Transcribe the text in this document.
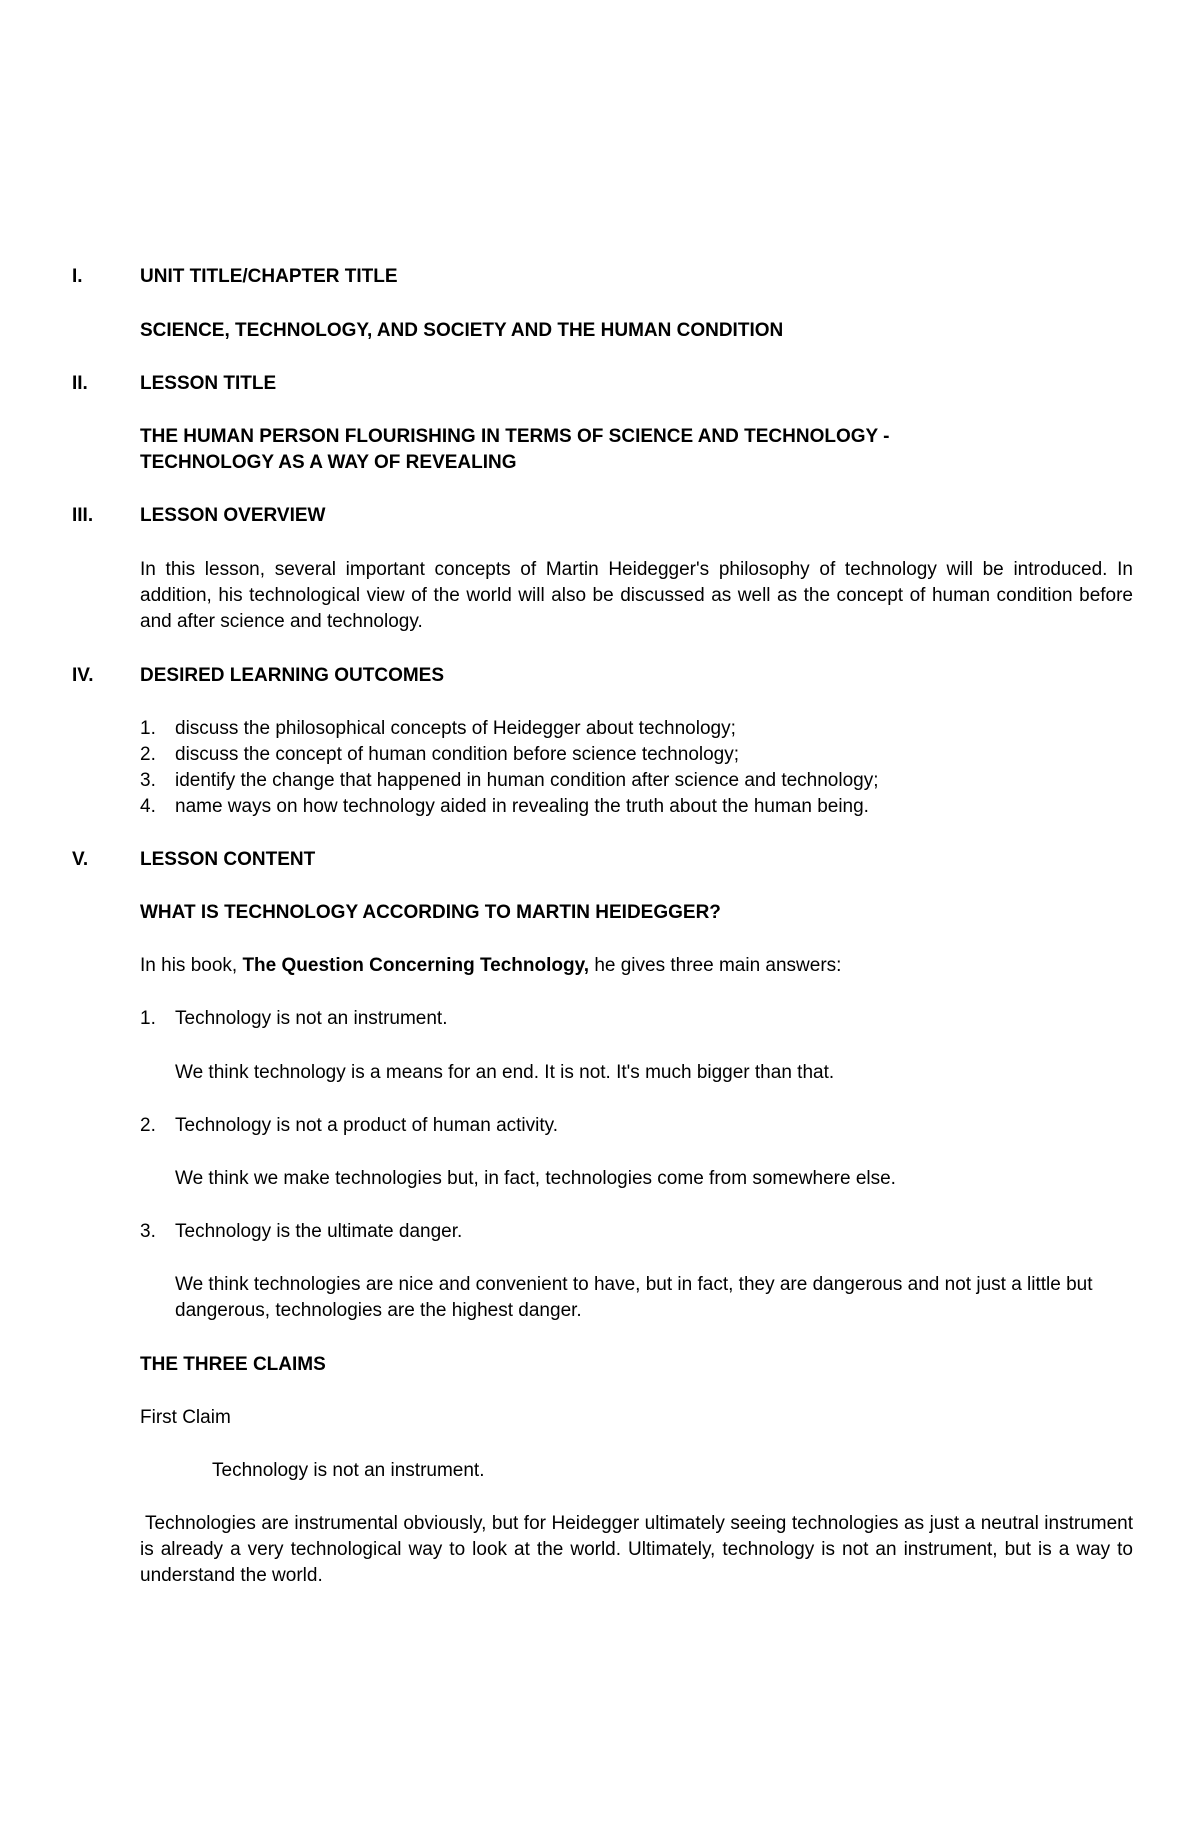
I.	UNIT TITLE/CHAPTER TITLE

SCIENCE, TECHNOLOGY, AND SOCIETY AND THE HUMAN CONDITION

II.	LESSON TITLE

THE HUMAN PERSON FLOURISHING IN TERMS OF SCIENCE AND TECHNOLOGY -

TECHNOLOGY AS A WAY OF REVEALING

III.	LESSON OVERVIEW

In this lesson, several important concepts of Martin Heidegger's philosophy of technology will be introduced. In addition, his technological view of the world will also be discussed as well as the concept of human condition before and after science and technology.

IV.	DESIRED LEARNING OUTCOMES

1.	discuss the philosophical concepts of Heidegger about technology;

2.	discuss the concept of human condition before science technology;

3.	identify the change that happened in human condition after science and technology;

4.	name ways on how technology aided in revealing the truth about the human being.

V.	LESSON CONTENT

WHAT IS TECHNOLOGY ACCORDING TO MARTIN HEIDEGGER?

In his book, The Question Concerning Technology, he gives three main answers:

1.	Technology is not an instrument.

We think technology is a means for an end. It is not. It's much bigger than that.

2.	Technology is not a product of human activity.

We think we make technologies but, in fact, technologies come from somewhere else.

3.	Technology is the ultimate danger.

We think technologies are nice and convenient to have, but in fact, they are dangerous and not just a little but dangerous, technologies are the highest danger.

THE THREE CLAIMS

First Claim

Technology is not an instrument.

Technologies are instrumental obviously, but for Heidegger ultimately seeing technologies as just a neutral instrument is already a very technological way to look at the world. Ultimately, technology is not an instrument, but is a way to understand the world.
